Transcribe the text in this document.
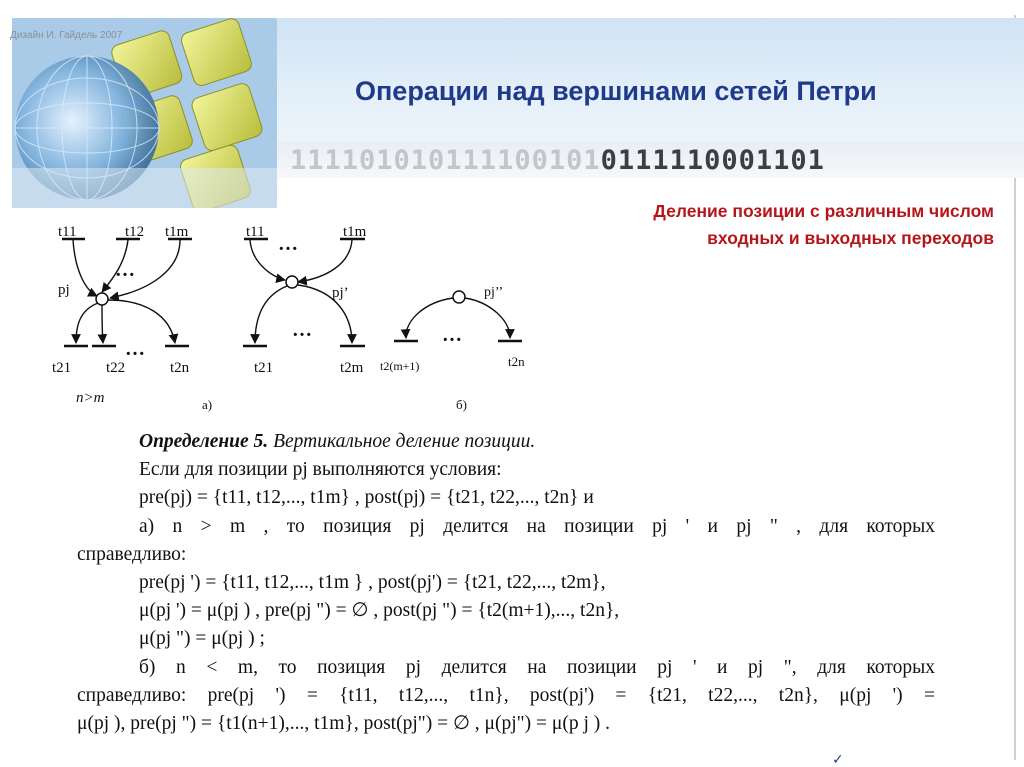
1111010101111001010111110001101
Дизайн И. Гайдель 2007
Операции над вершинами сетей Петри
Деление позиции с различным числом
входных и выходных переходов
t11	t12 t1m
…
pj
…
t21 t22	t2n
n>m
t11	t1m
…
pj’
…
t21	t2m
а)
pj’’
…
t2(m+1)	t2n
б)
Определение 5. Вертикальное деление позиции.
Если для позиции pj выполняются условия:
pre(pj) = {t11, t12,..., t1m} , post(pj) = {t21, t22,..., t2n} и
а) n > m , то позиция pj делится на позиции pj ' и pj " , для которых
справедливо:
pre(pj ') = {t11, t12,..., t1m } , post(pj') = {t21, t22,..., t2m},
μ(pj ') = μ(pj ) , pre(pj ") = ∅ , post(pj ") = {t2(m+1),..., t2n},
μ(pj ") = μ(pj ) ;
б) n < m, то позиция pj делится на позиции pj ' и pj ", для которых
справедливо: pre(pj ') = {t11, t12,..., t1n}, post(pj') = {t21, t22,..., t2n}, μ(pj ') =
μ(pj ), pre(pj ") = {t1(n+1),..., t1m}, post(pj") = ∅ , μ(pj") = μ(p j ) .
✓
